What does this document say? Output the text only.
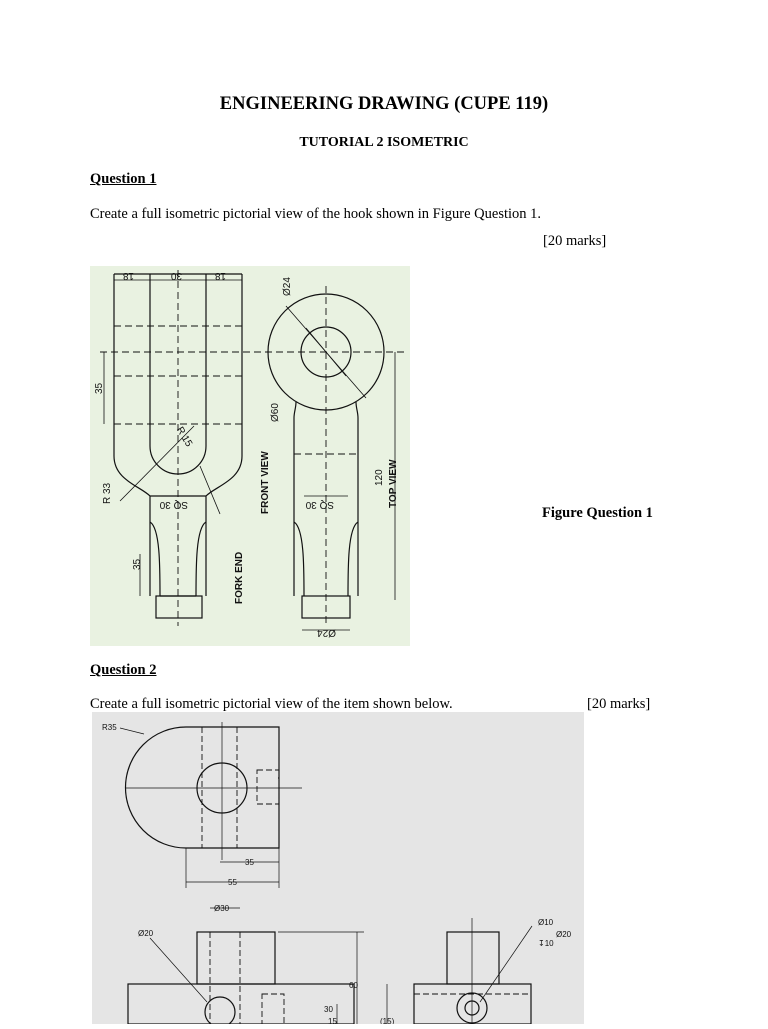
ENGINEERING DRAWING (CUPE 119)
TUTORIAL 2 ISOMETRIC
Question 1
Create a full isometric pictorial view of the hook shown in Figure Question 1.
[20 marks]
18	30	18
Ø24
35
Ø60
R 15
R 33
SQ 30	SQ 30
FRONT VIEW	TOP VIEW
120
35	FORK END
Ø24
Figure Question 1
Question 2
Create a full isometric pictorial view of the item shown below.	[20 marks]
R35
35
55
Ø30
Ø20
60
30
15	(15)
Ø10
Ø20
↧10
